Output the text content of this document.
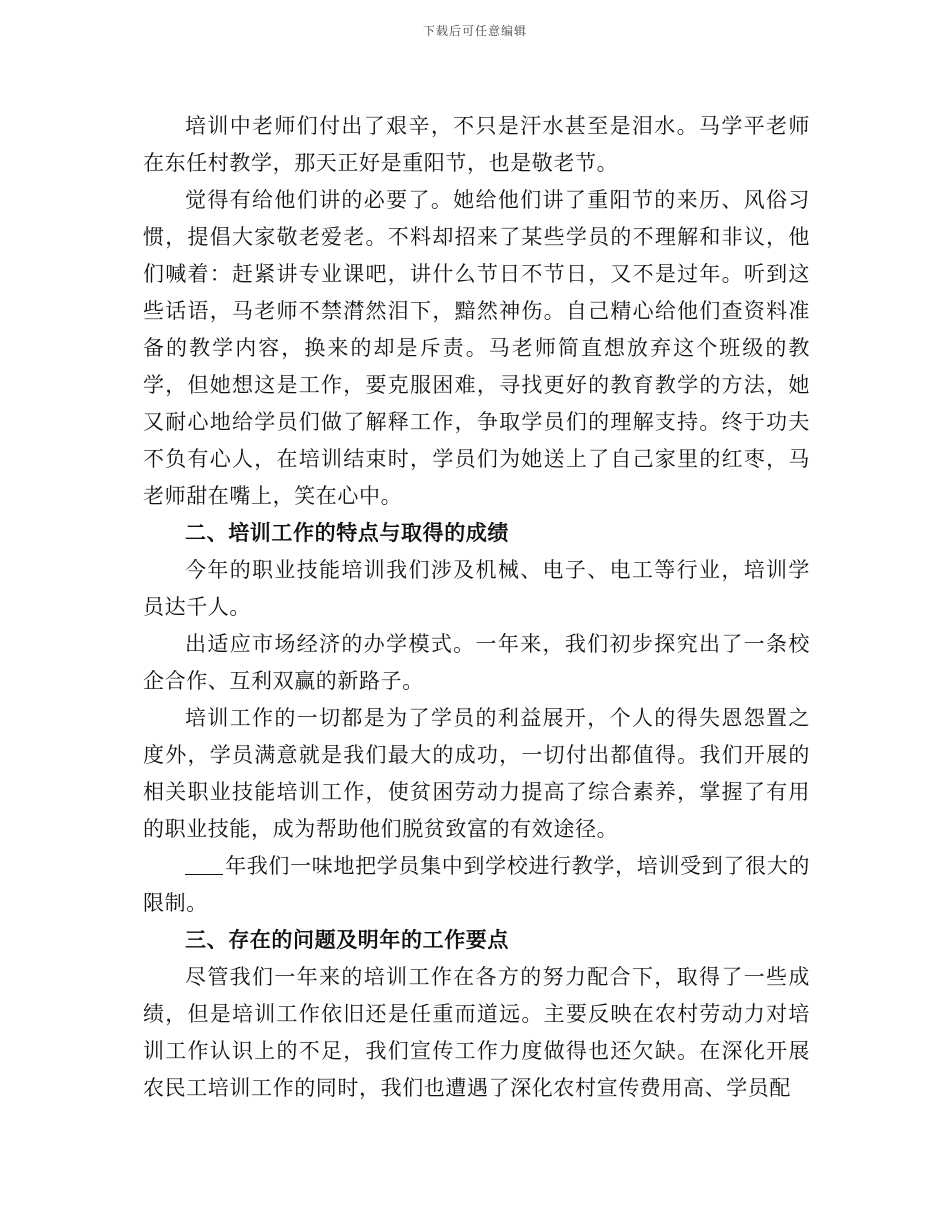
下载后可任意编辑

培训中老师们付出了艰辛，不只是汗水甚至是泪水。马学平老师在东任村教学，那天正好是重阳节，也是敬老节。

觉得有给他们讲的必要了。她给他们讲了重阳节的来历、风俗习惯，提倡大家敬老爱老。不料却招来了某些学员的不理解和非议，他们喊着：赶紧讲专业课吧，讲什么节日不节日，又不是过年。听到这些话语，马老师不禁潸然泪下，黯然神伤。自己精心给他们查资料准备的教学内容，换来的却是斥责。马老师简直想放弃这个班级的教学，但她想这是工作，要克服困难，寻找更好的教育教学的方法，她又耐心地给学员们做了解释工作，争取学员们的理解支持。终于功夫不负有心人，在培训结束时，学员们为她送上了自己家里的红枣，马老师甜在嘴上，笑在心中。

二、培训工作的特点与取得的成绩

今年的职业技能培训我们涉及机械、电子、电工等行业，培训学员达千人。

出适应市场经济的办学模式。一年来，我们初步探究出了一条校企合作、互利双赢的新路子。

培训工作的一切都是为了学员的利益展开，个人的得失恩怨置之度外，学员满意就是我们最大的成功，一切付出都值得。我们开展的相关职业技能培训工作，使贫困劳动力提高了综合素养，掌握了有用的职业技能，成为帮助他们脱贫致富的有效途径。

年我们一味地把学员集中到学校进行教学，培训受到了很大的限制。

三、存在的问题及明年的工作要点

尽管我们一年来的培训工作在各方的努力配合下，取得了一些成绩，但是培训工作依旧还是任重而道远。主要反映在农村劳动力对培训工作认识上的不足，我们宣传工作力度做得也还欠缺。在深化开展农民工培训工作的同时，我们也遭遇了深化农村宣传费用高、学员配
